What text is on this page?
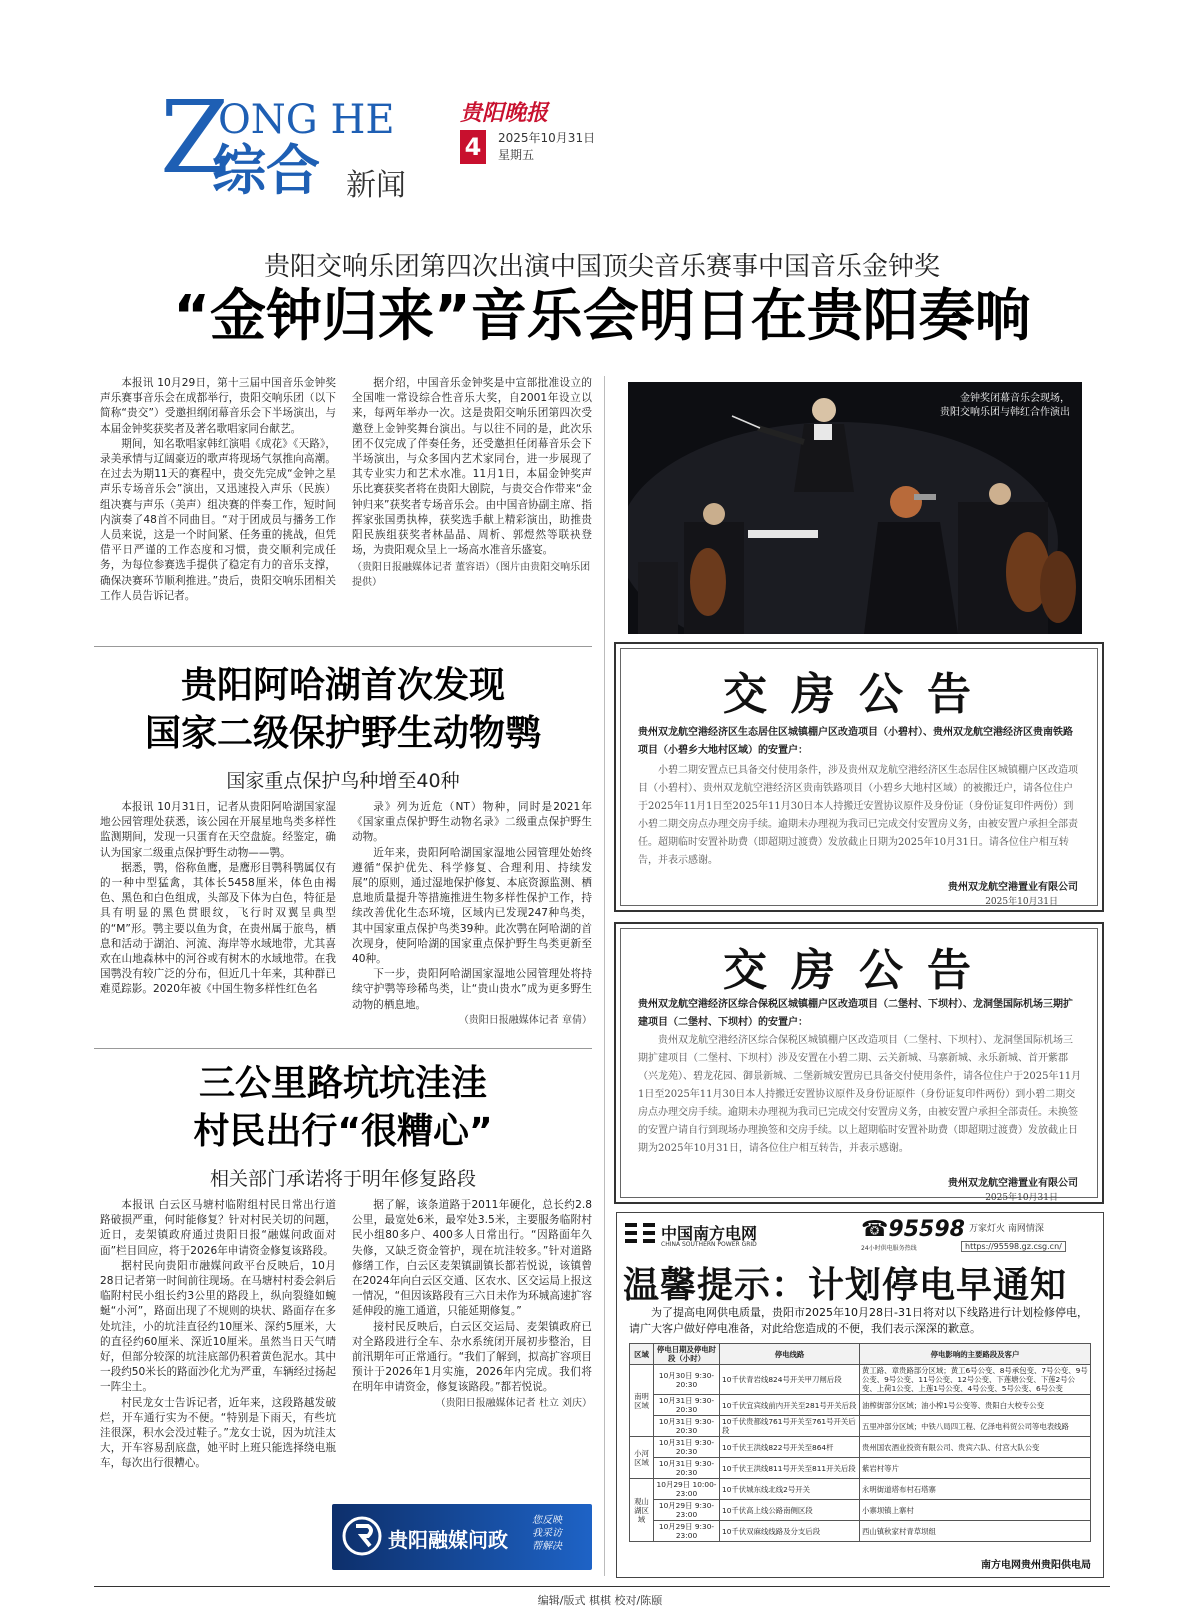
Z
ONG HE
综合 新闻
贵阳晚报
4	2025年10月31日
星期五
贵阳交响乐团第四次出演中国顶尖音乐赛事中国音乐金钟奖
“金钟归来”音乐会明日在贵阳奏响

本报讯 10月29日，第十三届中国音乐金钟奖声乐赛事音乐会在成都举行，贵阳交响乐团（以下简称“贵交”）受邀担纲闭幕音乐会下半场演出，与本届金钟奖获奖者及著名歌唱家同台献艺。

期间，知名歌唱家韩红演唱《成花》《天路》，录美承情与辽阔豪迈的歌声将现场气氛推向高潮。在过去为期11天的赛程中，贵交先完成“金钟之星声乐专场音乐会”演出，又迅速投入声乐（民族）组决赛与声乐（美声）组决赛的伴奏工作，短时间内演奏了48首不同曲目。“对于团成员与播务工作人员来说，这是一个时间紧、任务重的挑战，但凭借平日严谨的工作态度和习惯，贵交顺利完成任务，为每位参赛选手提供了稳定有力的音乐支撑，确保决赛环节顺利推进。”贵后，贵阳交响乐团相关工作人员告诉记者。

据介绍，中国音乐金钟奖是中宣部批准设立的全国唯一常设综合性音乐大奖，自2001年设立以来，每两年举办一次。这是贵阳交响乐团第四次受邀登上金钟奖舞台演出。与以往不同的是，此次乐团不仅完成了伴奏任务，还受邀担任闭幕音乐会下半场演出，与众多国内艺术家同台，进一步展现了其专业实力和艺术水准。11月1日，本届金钟奖声乐比赛获奖者将在贵阳大剧院，与贵交合作带来“金钟归来”获奖者专场音乐会。由中国音协副主席、指挥家张国勇执棒，获奖选手献上精彩演出，助推贵阳民族组获奖者林晶晶、周析、郭煜然等联袂登场，为贵阳观众呈上一场高水准音乐盛宴。

（贵阳日报融媒体记者 董容语）（图片由贵阳交响乐团提供）
金钟奖闭幕音乐会现场，
贵阳交响乐团与韩红合作演出
贵阳阿哈湖首次发现
国家二级保护野生动物鹗
国家重点保护鸟种增至40种

本报讯 10月31日，记者从贵阳阿哈湖国家湿地公园管理处获悉，该公园在开展星地鸟类多样性监测期间，发现一只蛋育在天空盘旋。经鉴定，确认为国家二级重点保护野生动物——鹗。

据悉，鹗，俗称鱼鹰，是鹰形目鹗科鹗属仅有的一种中型猛禽，其体长5458厘米，体色由褐色、黑色和白色组成，头部及下体为白色，特征是具有明显的黑色贯眼纹，飞行时双翼呈典型的“M”形。鹗主要以鱼为食，在贵州属于旅鸟，栖息和活动于湖泊、河流、海岸等水域地带，尤其喜欢在山地森林中的河谷或有树木的水域地带。在我国鹗没有较广泛的分布，但近几十年来，其种群已难觅踪影。2020年被《中国生物多样性红色名

录》列为近危（NT）物种，同时是2021年《国家重点保护野生动物名录》二级重点保护野生动物。

近年来，贵阳阿哈湖国家湿地公园管理处始终遵循“保护优先、科学修复、合理利用、持续发展”的原则，通过湿地保护修复、本底资源监测、栖息地质量提升等措施推进生物多样性保护工作，持续改善优化生态环境，区域内已发现247种鸟类，其中国家重点保护鸟类39种。此次鹗在阿哈湖的首次现身，使阿哈湖的国家重点保护野生鸟类更新至40种。

下一步，贵阳阿哈湖国家湿地公园管理处将持续守护鹗等珍稀鸟类，让“贵山贵水”成为更多野生动物的栖息地。

（贵阳日报融媒体记者 章倩）
三公里路坑坑洼洼
村民出行“很糟心”
相关部门承诺将于明年修复路段

本报讯 白云区马塘村临附组村民日常出行道路破损严重，何时能修复？针对村民关切的问题，近日，麦架镇政府通过贵阳日报“融媒问政面对面”栏目回应，将于2026年申请资金修复该路段。

据村民向贵阳市融媒问政平台反映后，10月28日记者第一时间前往现场。在马塘村村委会斜后临附村民小组长约3公里的路段上，纵向裂缝如蜿蜒“小河”，路面出现了不规则的块状、路面存在多处坑洼，小的坑洼直径约10厘米、深约5厘米，大的直径约60厘米、深近10厘米。虽然当日天气晴好，但部分较深的坑洼底部仍积着黄色泥水。其中一段约50米长的路面沙化尤为严重，车辆经过扬起一阵尘土。

村民龙女士告诉记者，近年来，这段路越发破烂，开车通行实为不便。“特别是下雨天，有些坑洼很深，积水会没过鞋子。”龙女士说，因为坑洼太大，开车容易刮底盘，她平时上班只能选择绕电瓶车，每次出行很糟心。

据了解，该条道路于2011年硬化，总长约2.8公里，最宽处6米，最窄处3.5米，主要服务临附村民小组80多户、400多人日常出行。“因路面年久失修，又缺乏资金管护，现在坑洼较多。”针对道路修缮工作，白云区麦架镇副镇长都若悦说，该镇曾在2024年向白云区交通、区农水、区交运局上报这一情况，“但因该路段有三六日未作为环城高速扩容延伸段的施工通道，只能延期修复。”

接村民反映后，白云区交运局、麦架镇政府已对全路段进行全车、杂水系统闭开展初步整治，目前汛期年可正常通行。“我们了解到，拟高扩容项目预计于2026年1月实施，2026年内完成。我们将在明年申请资金，修复该路段。”都若悦说。

（贵阳日报融媒体记者 杜立 刘庆）
贵阳融媒问政
您反映
我采访
帮解决
交房公告
贵州双龙航空港经济区生态居住区城镇棚户区改造项目（小碧村）、贵州双龙航空港经济区贵南铁路项目（小碧乡大地村区域）的安置户：
小碧二期安置点已具备交付使用条件，涉及贵州双龙航空港经济区生态居住区城镇棚户区改造项目（小碧村）、贵州双龙航空港经济区贵南铁路项目（小碧乡大地村区域）的被搬迁户，请各位住户于2025年11月1日至2025年11月30日本人持搬迁安置协议原件及身份证（身份证复印件两份）到小碧二期交房点办理交房手续。逾期未办理视为我司已完成交付安置房义务，由被安置户承担全部责任。超期临时安置补助费（即超期过渡费）发放截止日期为2025年10月31日。请各位住户相互转告，并表示感谢。
贵州双龙航空港置业有限公司
2025年10月31日
交房公告
贵州双龙航空港经济区综合保税区城镇棚户区改造项目（二堡村、下坝村）、龙洞堡国际机场三期扩建项目（二堡村、下坝村）的安置户：
贵州双龙航空港经济区综合保税区城镇棚户区改造项目（二堡村、下坝村）、龙洞堡国际机场三期扩建项目（二堡村、下坝村）涉及安置在小碧二期、云关新城、马寨新城、永乐新城、首开紫郡（兴龙苑）、碧龙花园、御景新城、二堡新城安置房已具备交付使用条件，请各位住户于2025年11月1日至2025年11月30日本人持搬迁安置协议原件及身份证原件（身份证复印件两份）到小碧二期交房点办理交房手续。逾期未办理视为我司已完成交付安置房义务，由被安置户承担全部责任。未换签的安置户请自行到现场办理换签和交房手续。以上超期临时安置补助费（即超期过渡费）发放截止日期为2025年10月31日，请各位住户相互转告，并表示感谢。
贵州双龙航空港置业有限公司
2025年10月31日
中国南方电网
CHINA SOUTHERN POWER GRID
☎95598 万家灯火 南网情深
24小时供电服务热线	https://95598.gz.csg.cn/
温馨提示：计划停电早通知
为了提高电网供电质量，贵阳市2025年10月28日-31日将对以下线路进行计划检修停电，请广大客户做好停电准备，对此给您造成的不便，我们表示深深的歉意。
区域	停电日期及停电时段（小时）	停电线路	停电影响的主要路段及客户
南明区域	10月30日 9:30-20:30	10千伏青岩线824号开关甲刀闸后段	黄工路、章贵路部分区域；黄工6号公变、8号承包变、7号公变、9号公变、9号公变、11号公变、12号公变、下莲塘公变、下莲2号公变、上荷1公变、上莲1号公变、4号公变、5号公变、6号公变
	10月31日 9:30-20:30	10千伏宜宾线前内开关至281号开关后段	油榨街部分区域；油小榨1号公变等、贵阳白大校专公变
	10月31日 9:30-20:30	10千伏贵都线761号开关至761号开关后段	五里冲部分区域；中铁八局四工程、亿泽电科贸公司等电表线路
小河区域	10月31日 9:30-20:30	10千伏王洪线822号开关至864杆	贵州国农酒业投资有限公司、贵宾六队、付宫大队公变
	10月31日 9:30-20:30	10千伏王洪线811号开关至811开关后段	紫岩村等片
观山湖区域	10月29日 10:00-23:00	10千伏城东线北线2号开关	永明街道塔布村石塔寨
	10月29日 9:30-23:00	10千伏高上线公路南侧区段	小寨坝镇上寨村
	10月29日 9:30-23:00	10千伏双麻线线路及分支后段	西山镇秋家村青草坝组
南方电网贵州贵阳供电局
编辑/版式 棋棋 校对/陈颐
